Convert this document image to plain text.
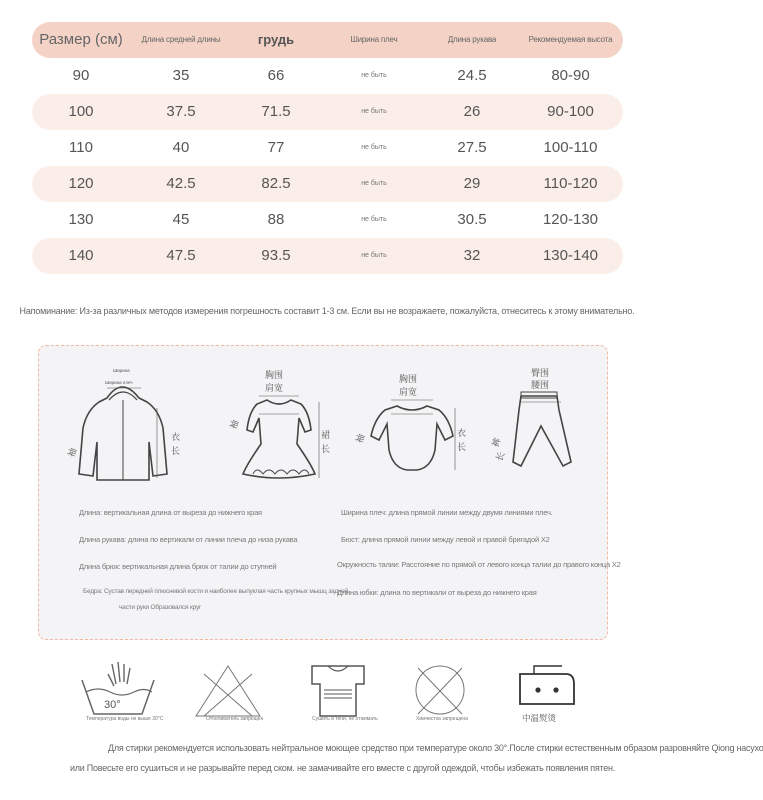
Размер (см)	Длина средней длины	грудь	Ширина плеч	Длина рукава	Рекомендуемая высота
90	35	66	не быть	24.5	80-90
100	37.5	71.5	не быть	26	90-100
110	40	77	не быть	27.5	100-110
120	42.5	82.5	не быть	29	110-120
130	45	88	не быть	30.5	120-130
140	47.5	93.5	не быть	32	130-140
Напоминание: Из-за различных методов измерения погрешность составит 1-3 см. Если вы не возражаете, пожалуйста, отнеситесь к этому внимательно.
Ширина
Ширина плеч
衣
长
袖
胸围
肩宽
裙
长
袖
胸围
肩宽
衣
长
袖
臀围
腰围
裤
长
Длина: вертикальная длина от выреза до нижнего края
Длина рукава: длина по вертикали от линии плеча до низа рукава
Длина брюк: вертикальная длина брюк от талии до ступней
Бедра: Сустав передней плюсневой кости и наиболее выпуклая часть крупных мышц задней
части руки Образовался круг
Ширина плеч: длина прямой линии между двумя линиями плеч.
Бюст: длина прямой линии между левой и правой бригадой X2
Окружность талии: Расстояние по прямой от левого конца талии до правого конца X2
Длина юбки: длина по вертикали от выреза до нижнего края
30°
Температура воды не выше 30°С	Отбеливатель запрещён	Сушить в тени, не отжимать	Химчистка запрещена	中温熨烫
Для стирки рекомендуется использовать нейтральное моющее средство при температуре около 30°.После стирки естественным образом разровняйте Qiong насухо
или Повесьте его сушиться и не разрывайте перед ском. не замачивайте его вместе с другой одеждой, чтобы избежать появления пятен.
